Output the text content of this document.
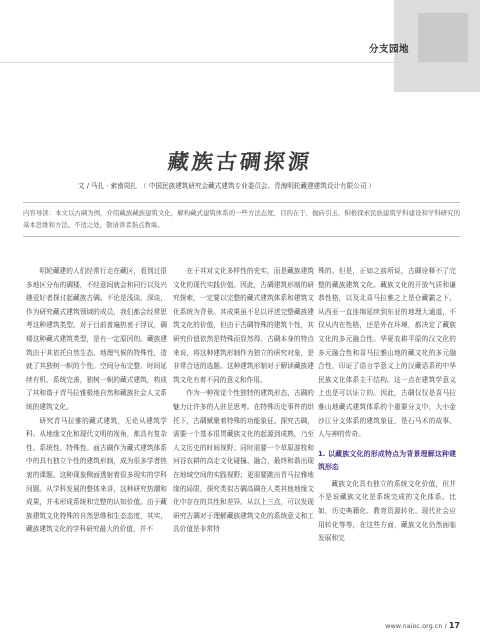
分支园地
藏族古碉探源
文 / 马扎 · 索南周扎　（ 中国民族建筑研究会藏式建筑专业委员会、青海明轮藏建建筑设计有限公司 ）

内容导读：本文以古碉为例，介绍藏族藏族建筑文化，解构藏式建筑体系的一些方法态度，目的在于，抛砖引玉，积极探索民族建筑学科建设和学科研究的基本思维和方法。不适之处，敬请读者指点教诲。

明轮藏建的人们经常行走在藏区，看到过很多地区分布的碉楼，不经意间就会和同行以及兴趣爱好者探讨起藏族古碉。不论是浅谈、深谈，作为研究藏式建筑领域的成员，我们都会经常思考这种建筑类型。对于目前普遍热衷于浮议，碉楼这种藏式建筑类型，是有一定原因的。藏族建筑由于其依托自然生态、地理气候的特殊性，造就了其独树一帜的个性。空间分布完整、时间延续有机、系统完善，独树一帜的藏式建筑，构成了其和谐于青马拉雅极地自然和藏族社会人文系统的建筑文化。

研究青马拉雅的藏式建筑，无论从建筑学科、从地缘文化和现代文明的视角，都具有复杂性、系统性、特殊性。面古碉作为藏式建筑体系中的具有独立个性的建筑形制，成为很多学者热衷的课题。这种现象侧面透射着很多现实的学科问题。从学科发展的整体来讲，这种研究热潮和成果，并未形成系统和完整的认知价值。由于藏族建筑文化特殊的自然思维和生态态度，其实，藏族建筑文化的学科研究最大的价值，并不

在于其对文化多样性的充实，而是藏族建筑文化的现代实践价值。因此，古碉建筑形制的研究探索，一定要以完整的藏式建筑体系和建筑文化系统为背景。其成果虽不足以评述完整藏族建筑文化的价值，但由于古碉特殊的建筑个性，其研究价值依然是特殊而显然得。古碉本身的特点来说，将这种建筑形制作为独立的研究对象，是非常合适的选题。这种建筑形制对于解读藏族建筑文化有着不同的意义和作用。

作为一种视觉个性独特的建筑形态，古碉的魅力让许多的人驻足思考。在特殊历史事件的烘托下，古碉赋聚着特殊的功能象征。探究古碉，需要一个基本很贯藏族文化的起源到成熟，乃至人文历史的时间视野；同时需要一个草原游牧和河谷农耕的高走文化碰撞、融合，最终和谐出现在地域空间的实践视野；更需要跳出青马拉雅地缘的局限，探究类似古碉高碉在人类其他地缘文化中存在的共性和差异。从以上三点，可以发现研究古碉对于理解藏族建筑文化的系统意义和工具价值是非常特

殊的。但是，正如之前所说，古碉诠释不了完整的藏族建筑文化。藏族文化的开放气质和谦恭性格，以及北喜马拉雅之上是仓藏霸之下，从西亚一直连绵延续到东亚的地理大通道，不仅从内在性格，还是外在环境，都决定了藏族文化的多元融合性。华夏农耕平原的汉文化的多元融合性和喜马拉雅山地的藏文化的多元融合性，印证了语言学意义上的汉藏语系的中华民族文化体系主干结构。这一点在建筑学意义上也是可以证立的。因此，古碉仅仅是喜马拉雅山地藏式建筑体系的个重要分支中，大小金沙江分支体系的建筑象征，是石马木的故事、人与神的传奇。

1. 以藏族文化的形成特点为背景理解这种建筑形态

藏族文化具有独立的系统文化价值，但并不是说藏族文化是系统完成的文化体系。比如，历史典籍化、教育资源转化、现代社会应用转化等等，在这些方面，藏族文化仍然面临发展和完

www.naioc.org.cn / 17
